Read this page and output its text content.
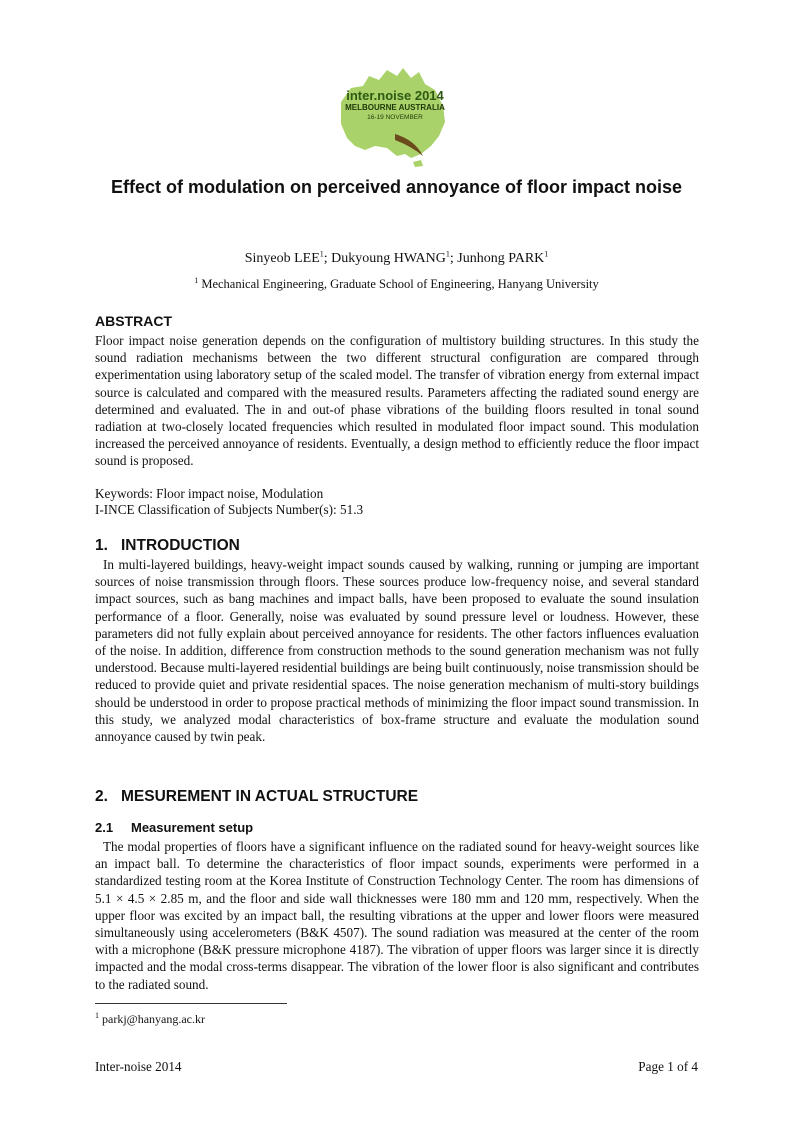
inter.noise 2014
MELBOURNE AUSTRALIA
16-19 NOVEMBER
Effect of modulation on perceived annoyance of floor impact noise
Sinyeob LEE$^1$; Dukyoung HWANG$^1$; Junhong PARK$^1$
$^1$ Mechanical Engineering, Graduate School of Engineering, Hanyang University
ABSTRACT

Floor impact noise generation depends on the configuration of multistory building structures. In this study the sound radiation mechanisms between the two different structural configuration are compared through experimentation using laboratory setup of the scaled model. The transfer of vibration energy from external impact source is calculated and compared with the measured results. Parameters affecting the radiated sound energy are determined and evaluated. The in and out-of phase vibrations of the building floors resulted in tonal sound radiation at two-closely located frequencies which resulted in modulated floor impact sound. This modulation increased the perceived annoyance of residents. Eventually, a design method to efficiently reduce the floor impact sound is proposed.

Keywords: Floor impact noise, Modulation
I-INCE Classification of Subjects Number(s): 51.3
1. INTRODUCTION

In multi-layered buildings, heavy-weight impact sounds caused by walking, running or jumping are important sources of noise transmission through floors. These sources produce low-frequency noise, and several standard impact sources, such as bang machines and impact balls, have been proposed to evaluate the sound insulation performance of a floor. Generally, noise was evaluated by sound pressure level or loudness. However, these parameters did not fully explain about perceived annoyance for residents. The other factors influences evaluation of the noise. In addition, difference from construction methods to the sound generation mechanism was not fully understood. Because multi-layered residential buildings are being built continuously, noise transmission should be reduced to provide quiet and private residential spaces. The noise generation mechanism of multi-story buildings should be understood in order to propose practical methods of minimizing the floor impact sound transmission. In this study, we analyzed modal characteristics of box-frame structure and evaluate the modulation sound annoyance caused by twin peak.

2. MESUREMENT IN ACTUAL STRUCTURE
2.1 Measurement setup

The modal properties of floors have a significant influence on the radiated sound for heavy-weight sources like an impact ball. To determine the characteristics of floor impact sounds, experiments were performed in a standardized testing room at the Korea Institute of Construction Technology Center. The room has dimensions of 5.1 × 4.5 × 2.85 m, and the floor and side wall thicknesses were 180 mm and 120 mm, respectively. When the upper floor was excited by an impact ball, the resulting vibrations at the upper and lower floors were measured simultaneously using accelerometers (B&K 4507). The sound radiation was measured at the center of the room with a microphone (B&K pressure microphone 4187). The vibration of upper floors was larger since it is directly impacted and the modal cross-terms disappear. The vibration of the lower floor is also significant and contributes to the radiated sound.

$^1$ parkj@hanyang.ac.kr
Inter-noise 2014	Page 1 of 4
